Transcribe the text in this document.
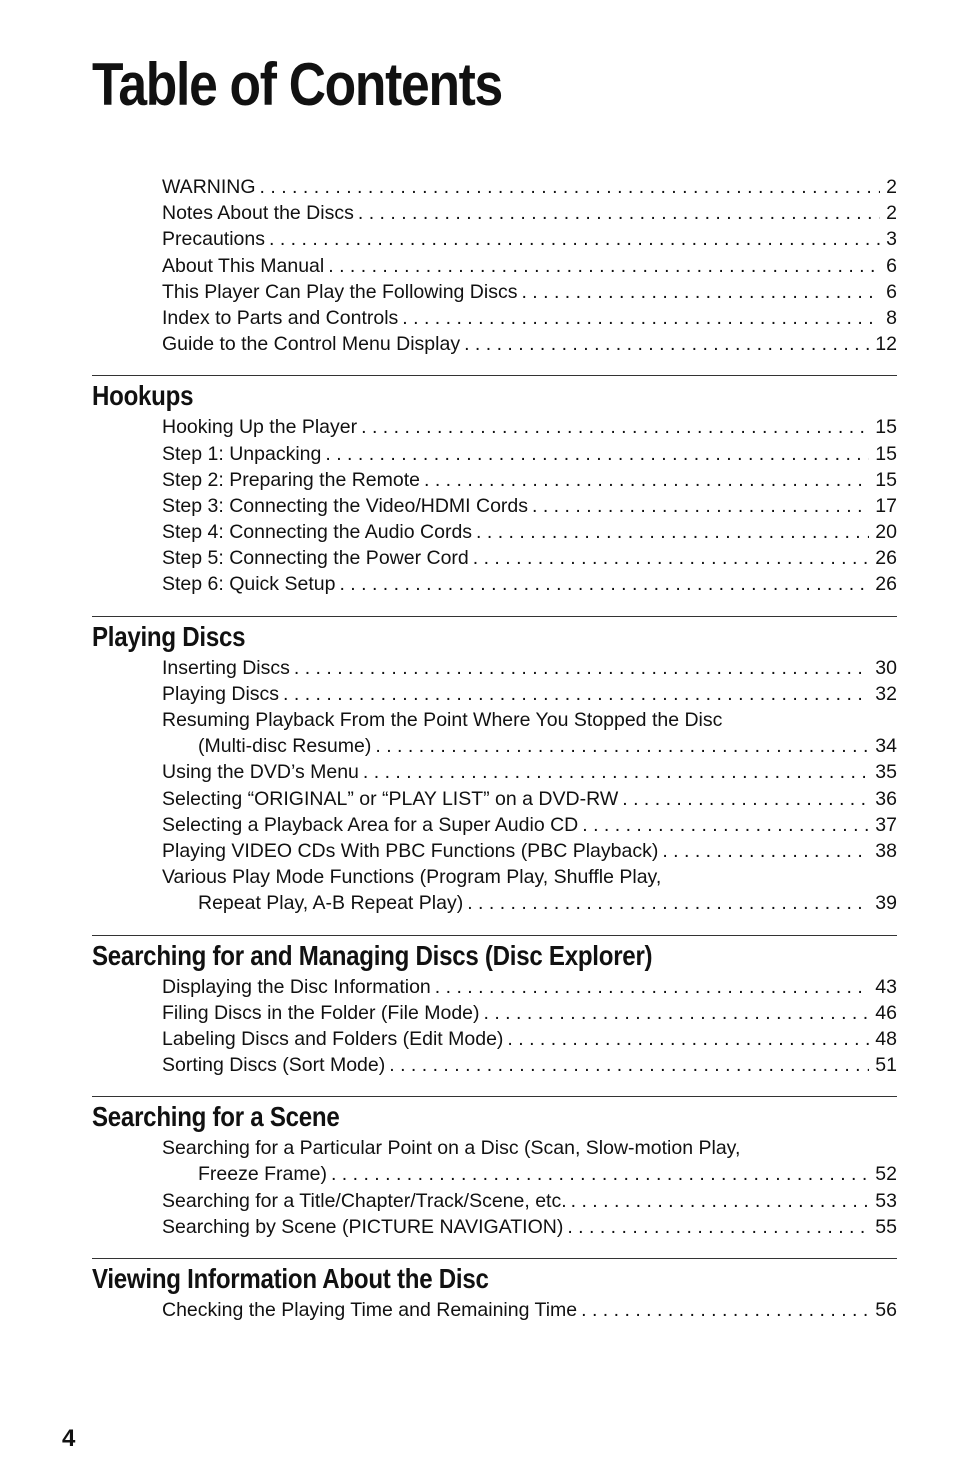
Table of Contents
WARNING . . .	2
Notes About the Discs . . .	2
Precautions . . .	3
About This Manual . . .	6
This Player Can Play the Following Discs . . .	6
Index to Parts and Controls . . .	8
Guide to the Control Menu Display . . .	12
Hookups
Hooking Up the Player . . .	15
Step 1: Unpacking . . .	15
Step 2: Preparing the Remote . . .	15
Step 3: Connecting the Video/HDMI Cords . . .	17
Step 4: Connecting the Audio Cords . . .	20
Step 5: Connecting the Power Cord . . .	26
Step 6: Quick Setup . . .	26
Playing Discs
Inserting Discs . . .	30
Playing Discs . . .	32
Resuming Playback From the Point Where You Stopped the Disc
(Multi-disc Resume) . . .	34
Using the DVD’s Menu . . .	35
Selecting “ORIGINAL” or “PLAY LIST” on a DVD-RW . . .	36
Selecting a Playback Area for a Super Audio CD . . .	37
Playing VIDEO CDs With PBC Functions (PBC Playback) . . .	38
Various Play Mode Functions (Program Play, Shuffle Play,
Repeat Play, A-B Repeat Play) . . .	39
Searching for and Managing Discs (Disc Explorer)
Displaying the Disc Information . . .	43
Filing Discs in the Folder (File Mode) . . .	46
Labeling Discs and Folders (Edit Mode) . . .	48
Sorting Discs (Sort Mode) . . .	51
Searching for a Scene
Searching for a Particular Point on a Disc (Scan, Slow-motion Play,
Freeze Frame) . . .	52
Searching for a Title/Chapter/Track/Scene, etc. . . .	53
Searching by Scene (PICTURE NAVIGATION) . . .	55
Viewing Information About the Disc
Checking the Playing Time and Remaining Time . . .	56
4
